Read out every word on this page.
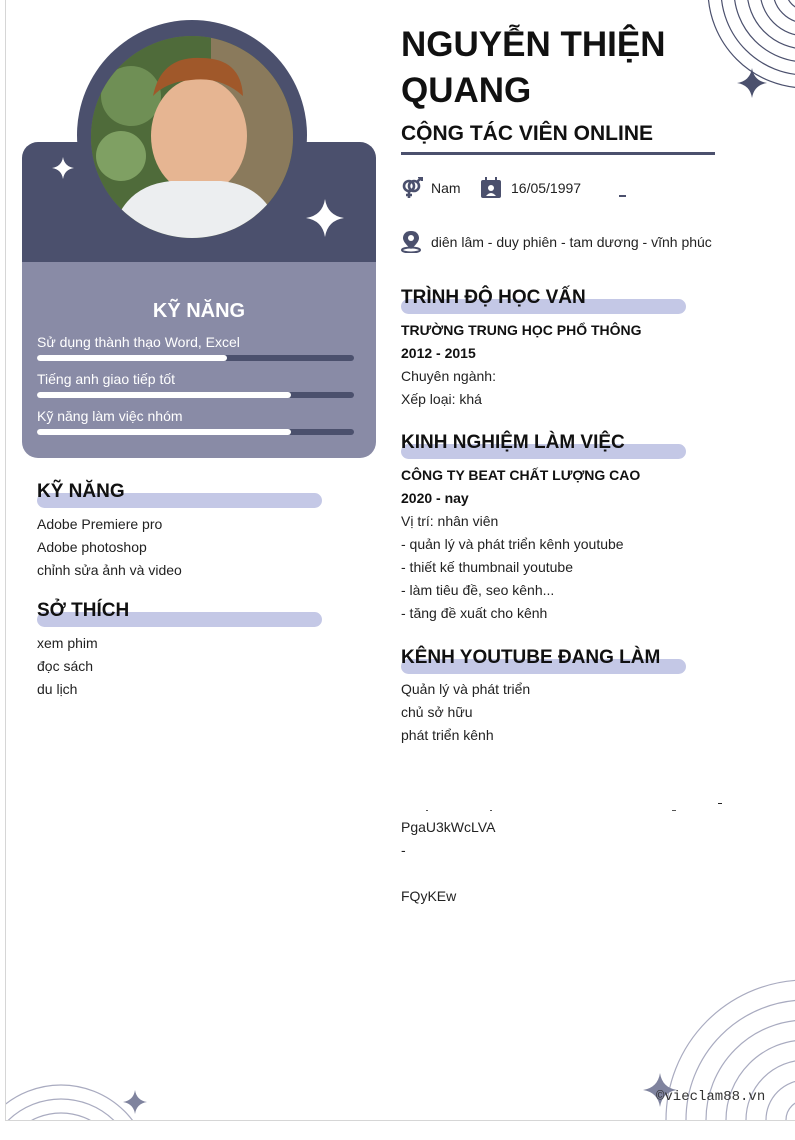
KỸ NĂNG
Sử dụng thành thạo Word, Excel
Tiếng anh giao tiếp tốt
Kỹ năng làm việc nhóm
KỸ NĂNG
Adobe Premiere pro
Adobe photoshop
chỉnh sửa ảnh và video
SỞ THÍCH
xem phim
đọc sách
du lịch
NGUYỄN THIỆN
QUANG
CỘNG TÁC VIÊN ONLINE
Nam	16/05/1997
diên lâm - duy phiên - tam dương - vĩnh phúc
TRÌNH ĐỘ HỌC VẤN
TRƯỜNG TRUNG HỌC PHỔ THÔNG
2012 - 2015
Chuyên ngành:
Xếp loại: khá
KINH NGHIỆM LÀM VIỆC
CÔNG TY BEAT CHẤT LƯỢNG CAO
2020 - nay
Vị trí: nhân viên
- quản lý và phát triển kênh youtube
- thiết kế thumbnail youtube
- làm tiêu đề, seo kênh...
- tăng đề xuất cho kênh
KÊNH YOUTUBE ĐANG LÀM
Quản lý và phát triển
chủ sở hữu
phát triển kênh
PgaU3kWcLVA
-
FQyKEw
©vieclam88.vn
